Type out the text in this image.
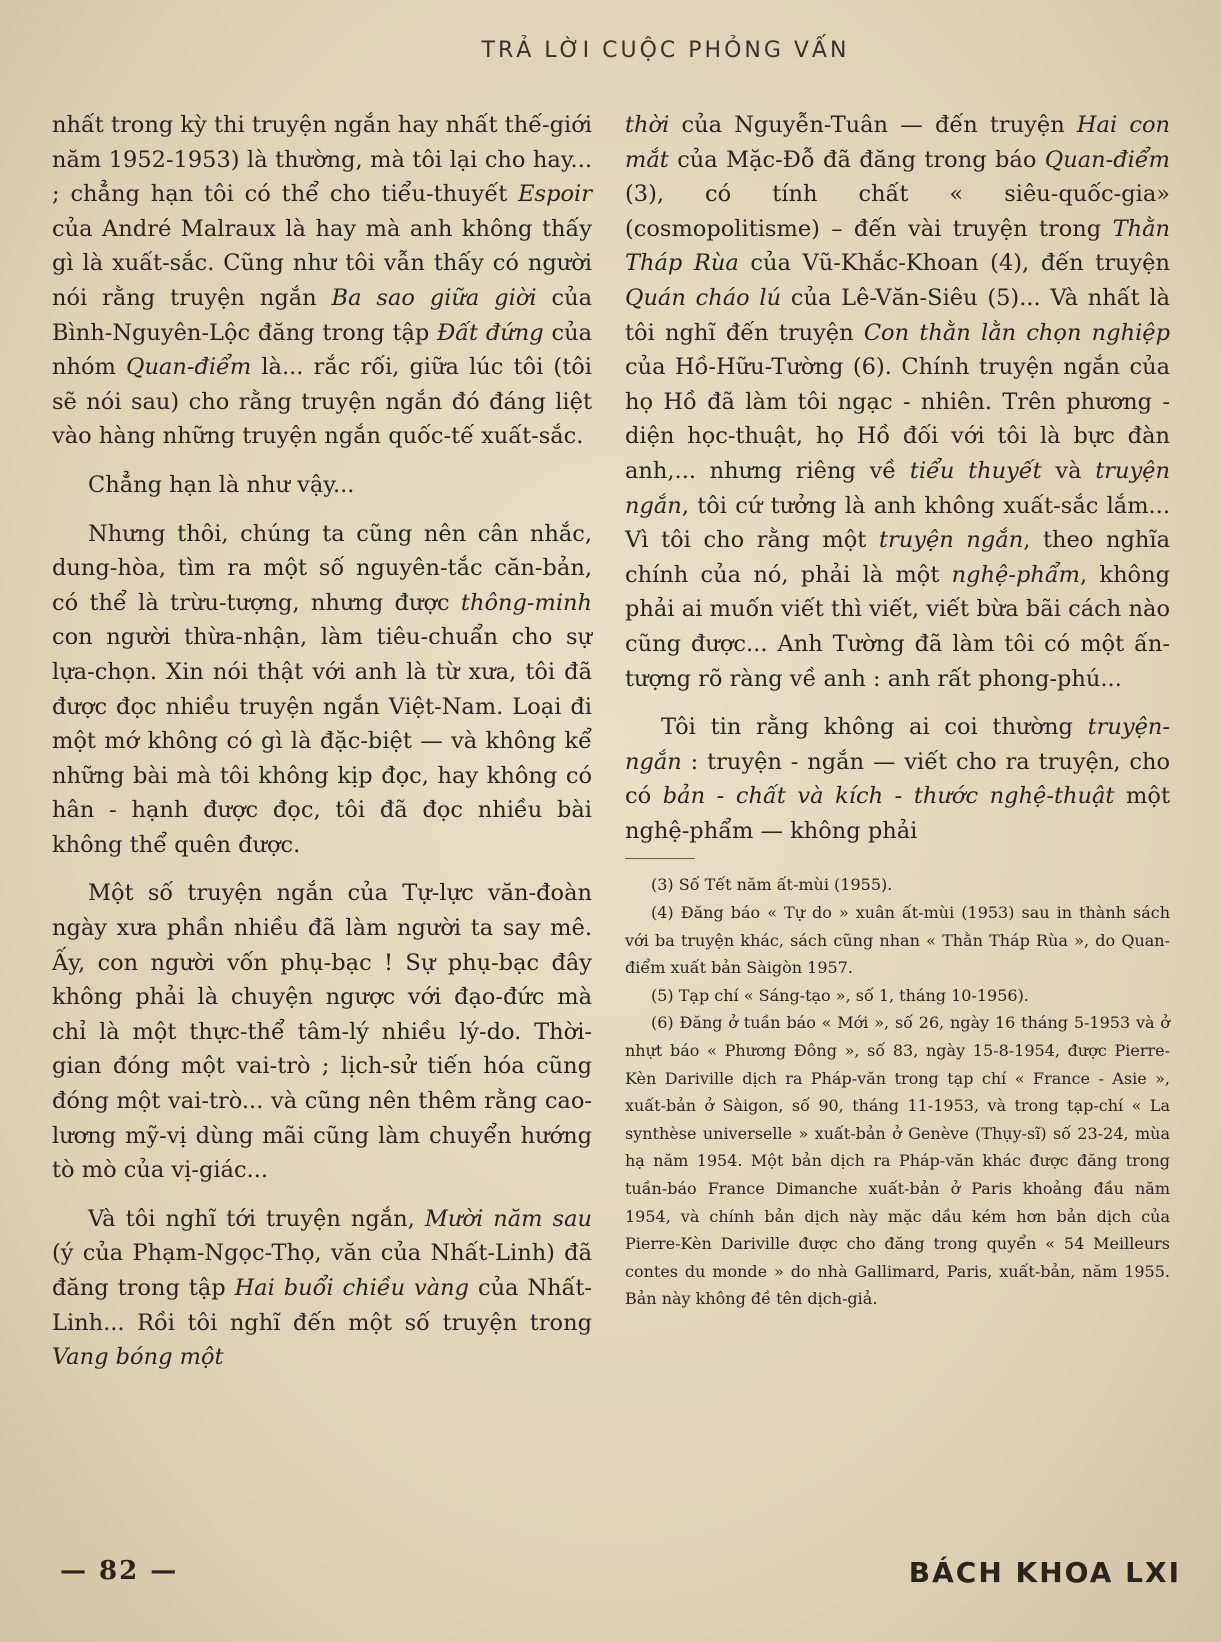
TRẢ LỜI CUỘC PHỎNG VẤN

nhất trong kỳ thi truyện ngắn hay nhất thế-giới năm 1952-1953) là thường, mà tôi lại cho hay... ; chẳng hạn tôi có thể cho tiểu-thuyết Espoir của André Malraux là hay mà anh không thấy gì là xuất-sắc. Cũng như tôi vẫn thấy có người nói rằng truyện ngắn Ba sao giữa giời của Bình-Nguyên-Lộc đăng trong tập Đất đứng của nhóm Quan-điểm là... rắc rối, giữa lúc tôi (tôi sẽ nói sau) cho rằng truyện ngắn đó đáng liệt vào hàng những truyện ngắn quốc-tế xuất-sắc.

Chẳng hạn là như vậy...

Nhưng thôi, chúng ta cũng nên cân nhắc, dung-hòa, tìm ra một số nguyên-tắc căn-bản, có thể là trừu-tượng, nhưng được thông-minh con người thừa-nhận, làm tiêu-chuẩn cho sự lựa-chọn. Xin nói thật với anh là từ xưa, tôi đã được đọc nhiều truyện ngắn Việt-Nam. Loại đi một mớ không có gì là đặc-biệt — và không kể những bài mà tôi không kịp đọc, hay không có hân - hạnh được đọc, tôi đã đọc nhiều bài không thể quên được.

Một số truyện ngắn của Tự-lực văn-đoàn ngày xưa phần nhiều đã làm người ta say mê. Ấy, con người vốn phụ-bạc ! Sự phụ-bạc đây không phải là chuyện ngược với đạo-đức mà chỉ là một thực-thể tâm-lý nhiều lý-do. Thời-gian đóng một vai-trò ; lịch-sử tiến hóa cũng đóng một vai-trò... và cũng nên thêm rằng cao-lương mỹ-vị dùng mãi cũng làm chuyển hướng tò mò của vị-giác...

Và tôi nghĩ tới truyện ngắn, Mười năm sau (ý của Phạm-Ngọc-Thọ, văn của Nhất-Linh) đã đăng trong tập Hai buổi chiều vàng của Nhất-Linh... Rồi tôi nghĩ đến một số truyện trong Vang bóng một

thời của Nguyễn-Tuân — đến truyện Hai con mắt của Mặc-Đỗ đã đăng trong báo Quan-điểm (3), có tính chất « siêu-quốc-gia» (cosmopolitisme) – đến vài truyện trong Thằn Tháp Rùa của Vũ-Khắc-Khoan (4), đến truyện Quán cháo lú của Lê-Văn-Siêu (5)... Và nhất là tôi nghĩ đến truyện Con thằn lằn chọn nghiệp của Hồ-Hữu-Tường (6). Chính truyện ngắn của họ Hồ đã làm tôi ngạc - nhiên. Trên phương - diện học-thuật, họ Hồ đối với tôi là bực đàn anh,... nhưng riêng về tiểu thuyết và truyện ngắn, tôi cứ tưởng là anh không xuất-sắc lắm... Vì tôi cho rằng một truyện ngắn, theo nghĩa chính của nó, phải là một nghệ-phẩm, không phải ai muốn viết thì viết, viết bừa bãi cách nào cũng được... Anh Tường đã làm tôi có một ấn-tượng rõ ràng về anh : anh rất phong-phú...

Tôi tin rằng không ai coi thường truyện-ngắn : truyện - ngắn — viết cho ra truyện, cho có bản - chất và kích - thước nghệ-thuật một nghệ-phẩm — không phải

(3) Số Tết năm ất-mùi (1955).

(4) Đăng báo « Tự do » xuân ất-mùi (1953) sau in thành sách với ba truyện khác, sách cũng nhan « Thằn Tháp Rùa », do Quan-điểm xuất bản Sàigòn 1957.

(5) Tạp chí « Sáng-tạo », số 1, tháng 10-1956).

(6) Đăng ở tuần báo « Mới », số 26, ngày 16 tháng 5-1953 và ở nhựt báo « Phương Đông », số 83, ngày 15-8-1954, được Pierre-Kèn Dariville dịch ra Pháp-văn trong tạp chí « France - Asie », xuất-bản ở Sàigon, số 90, tháng 11-1953, và trong tạp-chí « La synthèse universelle » xuất-bản ở Genève (Thụy-sĩ) số 23-24, mùa hạ năm 1954. Một bản dịch ra Pháp-văn khác được đăng trong tuần-báo France Dimanche xuất-bản ở Paris khoảng đầu năm 1954, và chính bản dịch này mặc dầu kém hơn bản dịch của Pierre-Kèn Dariville được cho đăng trong quyển « 54 Meilleurs contes du monde » do nhà Gallimard, Paris, xuất-bản, năm 1955. Bản này không đề tên dịch-giả.

— 82 —	BÁCH KHOA LXI
